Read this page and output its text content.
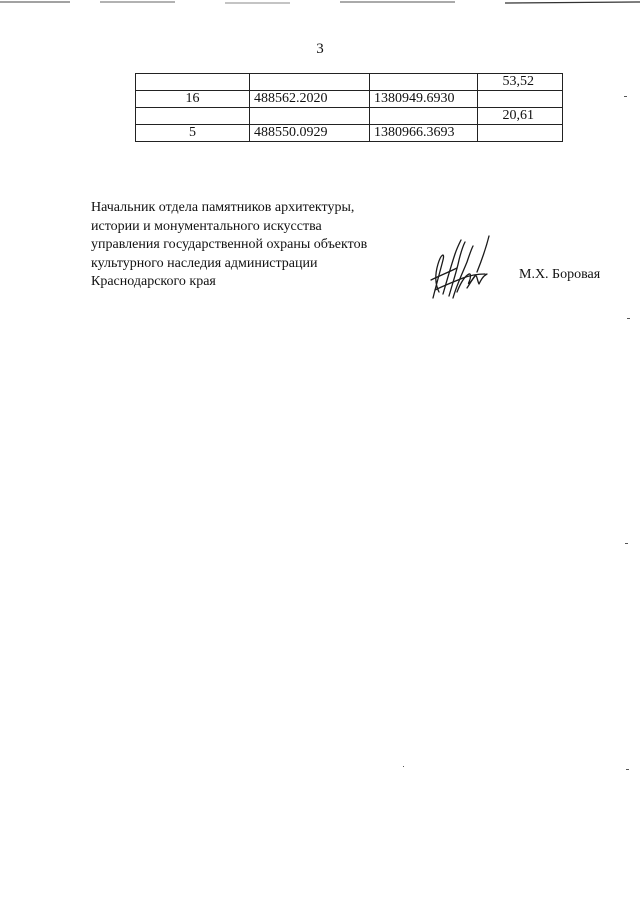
3
			53,52
16	488562.2020	1380949.6930	
			20,61
5	488550.0929	1380966.3693	
Начальник отдела памятников архитектуры,
истории и монументального искусства
управления государственной охраны объектов
культурного наследия администрации
Краснодарского края	М.Х. Боровая
